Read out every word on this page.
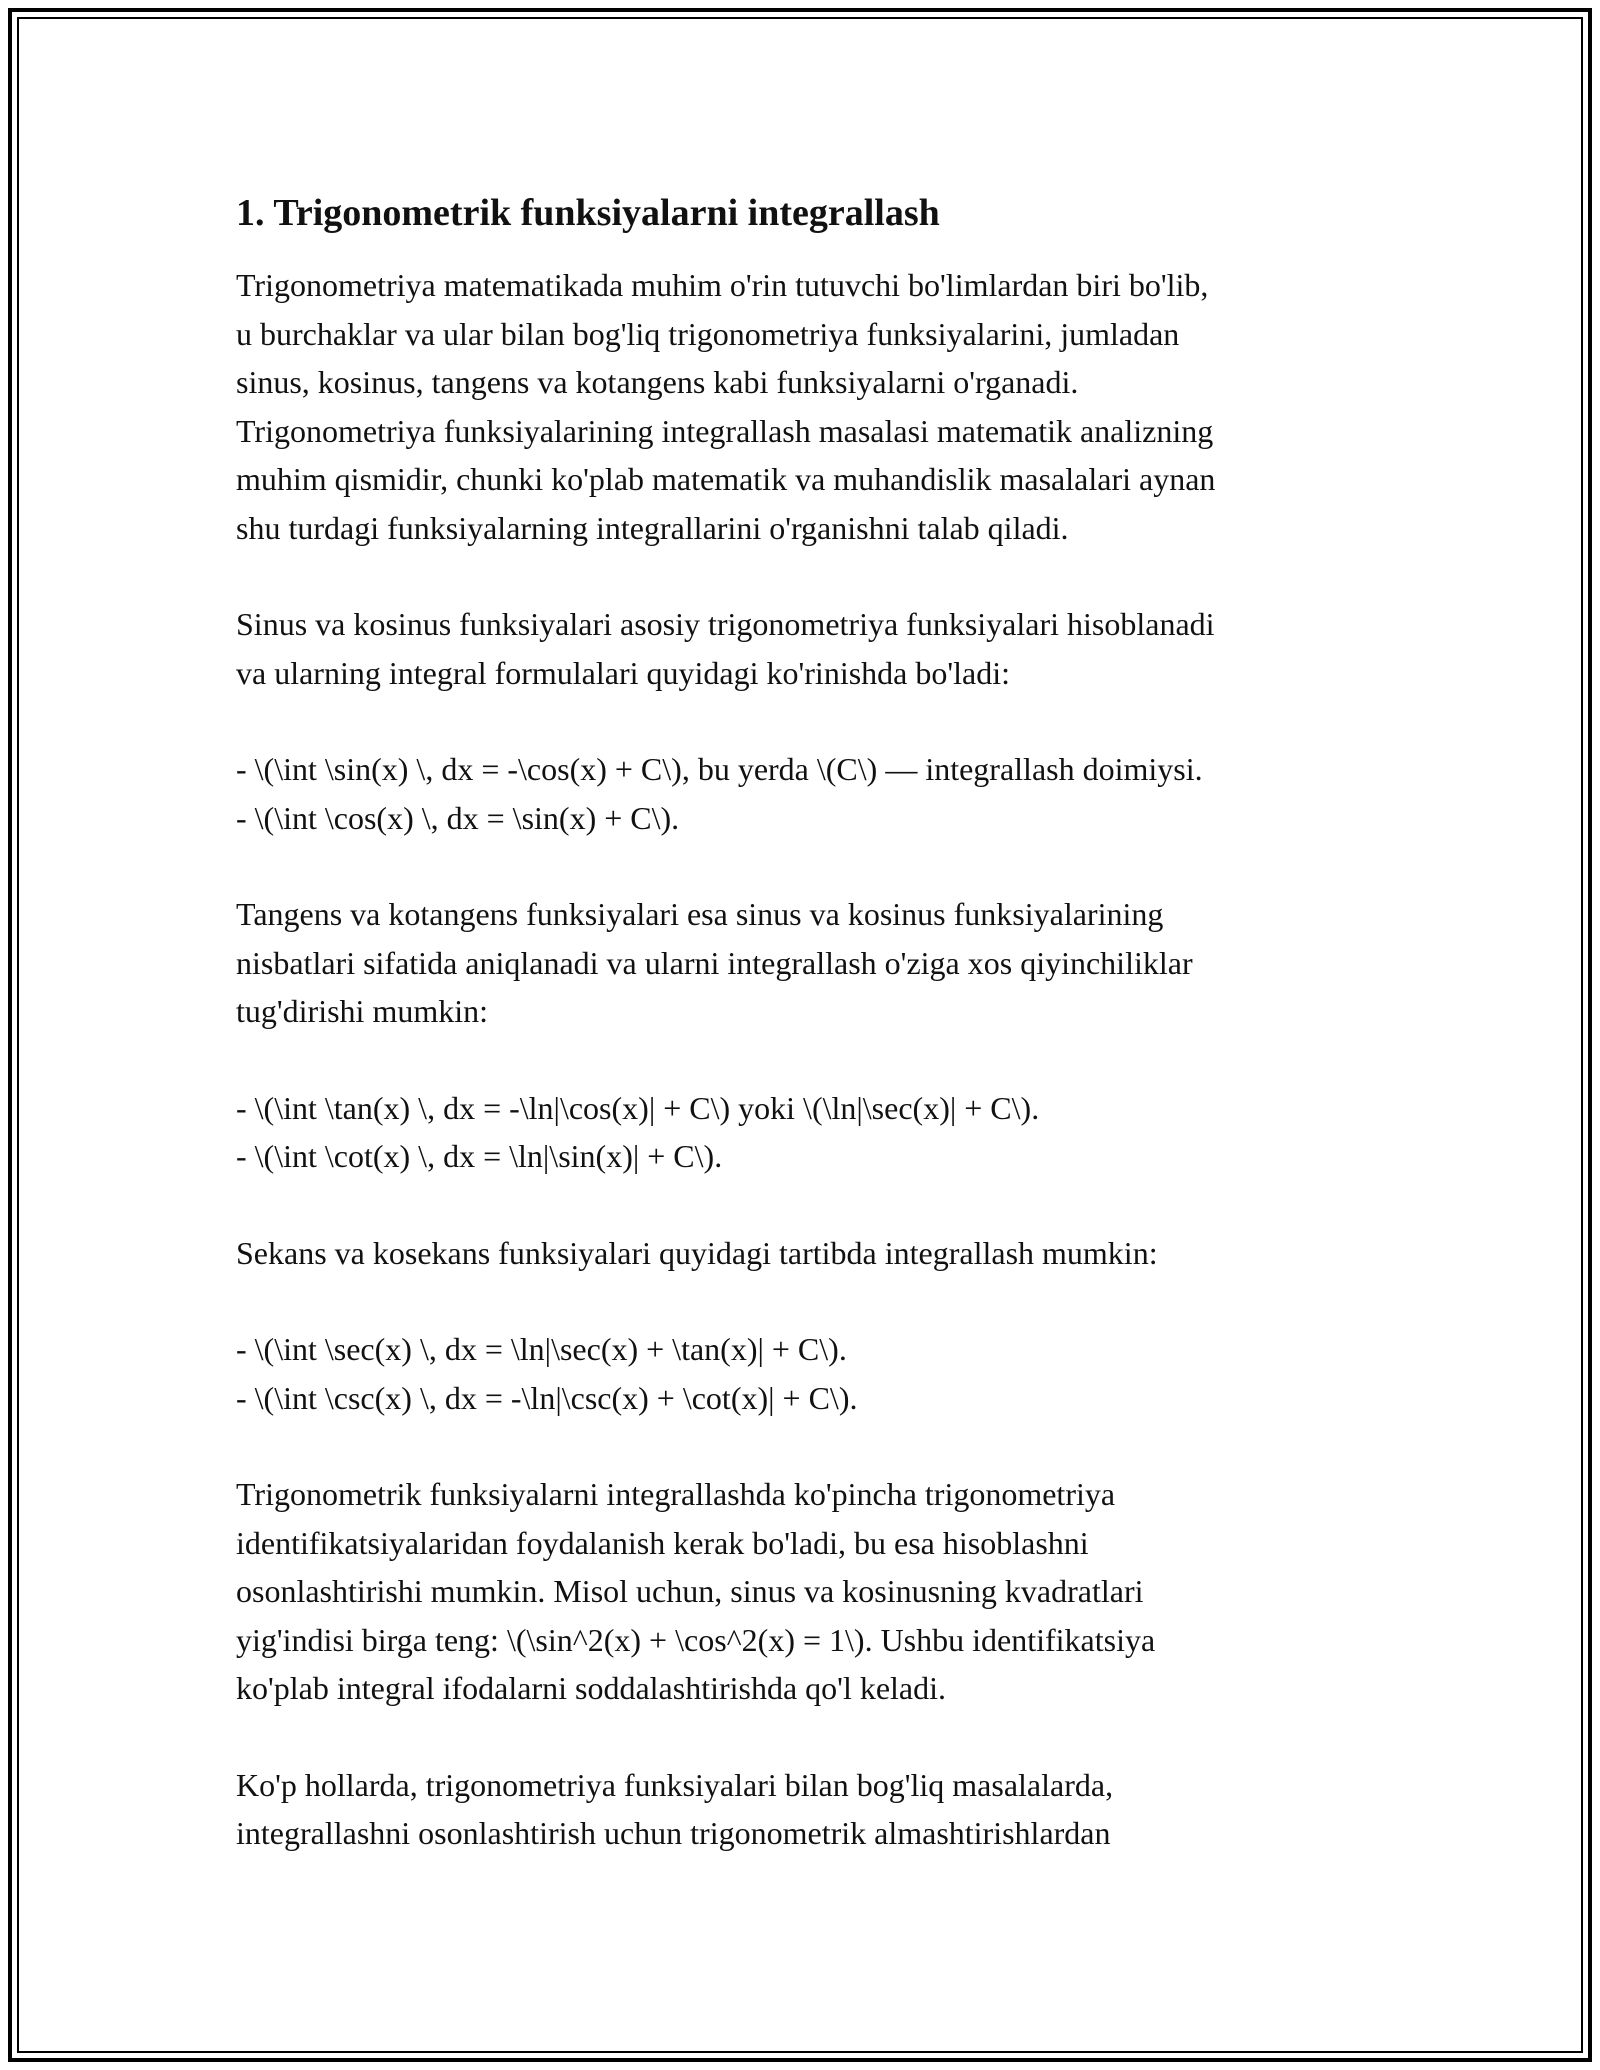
1. Trigonometrik funksiyalarni integrallash

Trigonometriya matematikada muhim o'rin tutuvchi bo'limlardan biri bo'lib,
u burchaklar va ular bilan bog'liq trigonometriya funksiyalarini, jumladan
sinus, kosinus, tangens va kotangens kabi funksiyalarni o'rganadi.
Trigonometriya funksiyalarining integrallash masalasi matematik analizning
muhim qismidir, chunki ko'plab matematik va muhandislik masalalari aynan
shu turdagi funksiyalarning integrallarini o'rganishni talab qiladi.

Sinus va kosinus funksiyalari asosiy trigonometriya funksiyalari hisoblanadi
va ularning integral formulalari quyidagi ko'rinishda bo'ladi:

- \(\int \sin(x) \, dx = -\cos(x) + C\), bu yerda \(C\) — integrallash doimiysi.
- \(\int \cos(x) \, dx = \sin(x) + C\).

Tangens va kotangens funksiyalari esa sinus va kosinus funksiyalarining
nisbatlari sifatida aniqlanadi va ularni integrallash o'ziga xos qiyinchiliklar
tug'dirishi mumkin:

- \(\int \tan(x) \, dx = -\ln|\cos(x)| + C\) yoki \(\ln|\sec(x)| + C\).
- \(\int \cot(x) \, dx = \ln|\sin(x)| + C\).

Sekans va kosekans funksiyalari quyidagi tartibda integrallash mumkin:

- \(\int \sec(x) \, dx = \ln|\sec(x) + \tan(x)| + C\).
- \(\int \csc(x) \, dx = -\ln|\csc(x) + \cot(x)| + C\).

Trigonometrik funksiyalarni integrallashda ko'pincha trigonometriya
identifikatsiyalaridan foydalanish kerak bo'ladi, bu esa hisoblashni
osonlashtirishi mumkin. Misol uchun, sinus va kosinusning kvadratlari
yig'indisi birga teng: \(\sin^2(x) + \cos^2(x) = 1\). Ushbu identifikatsiya
ko'plab integral ifodalarni soddalashtirishda qo'l keladi.

Ko'p hollarda, trigonometriya funksiyalari bilan bog'liq masalalarda,
integrallashni osonlashtirish uchun trigonometrik almashtirishlardan
